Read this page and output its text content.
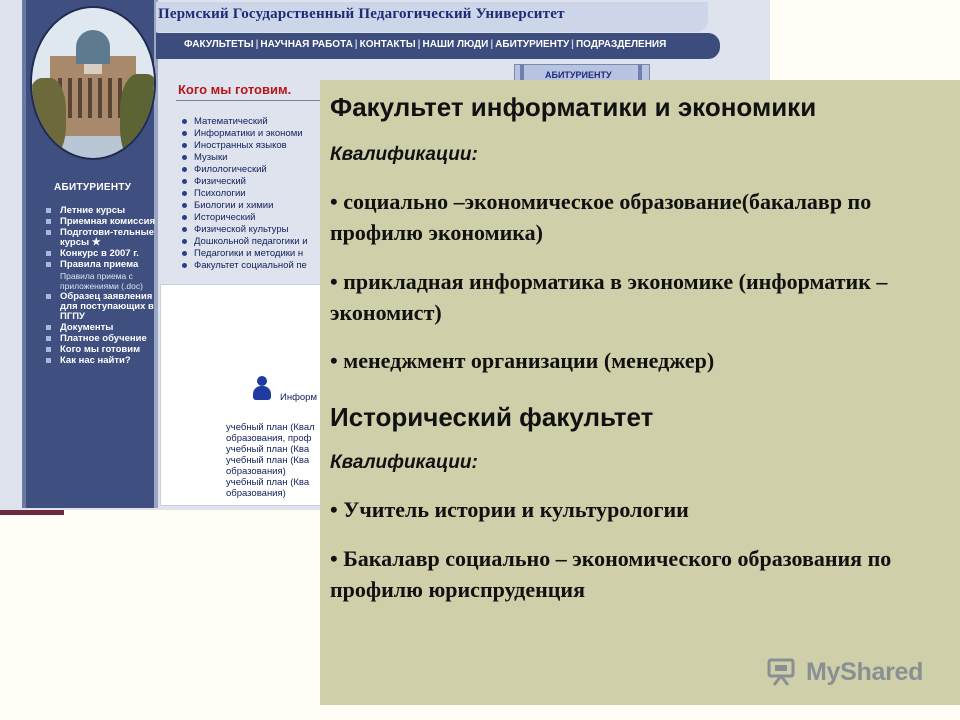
АБИТУРИЕНТУ
Летние курсы
Приемная комиссия
Подготови-тельные курсы ★
Конкурс в 2007 г.
Правила приема
Правила приема с приложениями (.doc)
Образец заявления для поступающих в ПГПУ
Документы
Платное обучение
Кого мы готовим
Как нас найти?
Пермский Государственный Педагогический Университет
ФАКУЛЬТЕТЫ | НАУЧНАЯ РАБОТА | КОНТАКТЫ | НАШИ ЛЮДИ | АБИТУРИЕНТУ | ПОДРАЗДЕЛЕНИЯ
АБИТУРИЕНТУ
Кого мы готовим.
Математический
Информатики и экономи
Иностранных языков
Музыки
Филологический
Физический
Психологии
Биологии и химии
Исторический
Физической культуры
Дошкольной педагогики и
Педагогики и методики н
Факультет социальной пе
Информ
учебный план (Квал
образования, проф
учебный план (Ква
учебный план (Ква
образования)
учебный план (Ква
образования)
Факультет информатики и экономики
Квалификации:
• социально –экономическое образование(бакалавр по профилю экономика)
• прикладная информатика в экономике (информатик – экономист)
• менеджмент организации (менеджер)
Исторический факультет
Квалификации:
• Учитель истории и культурологии
• Бакалавр социально – экономического образования по профилю юриспруденция
MyShared
